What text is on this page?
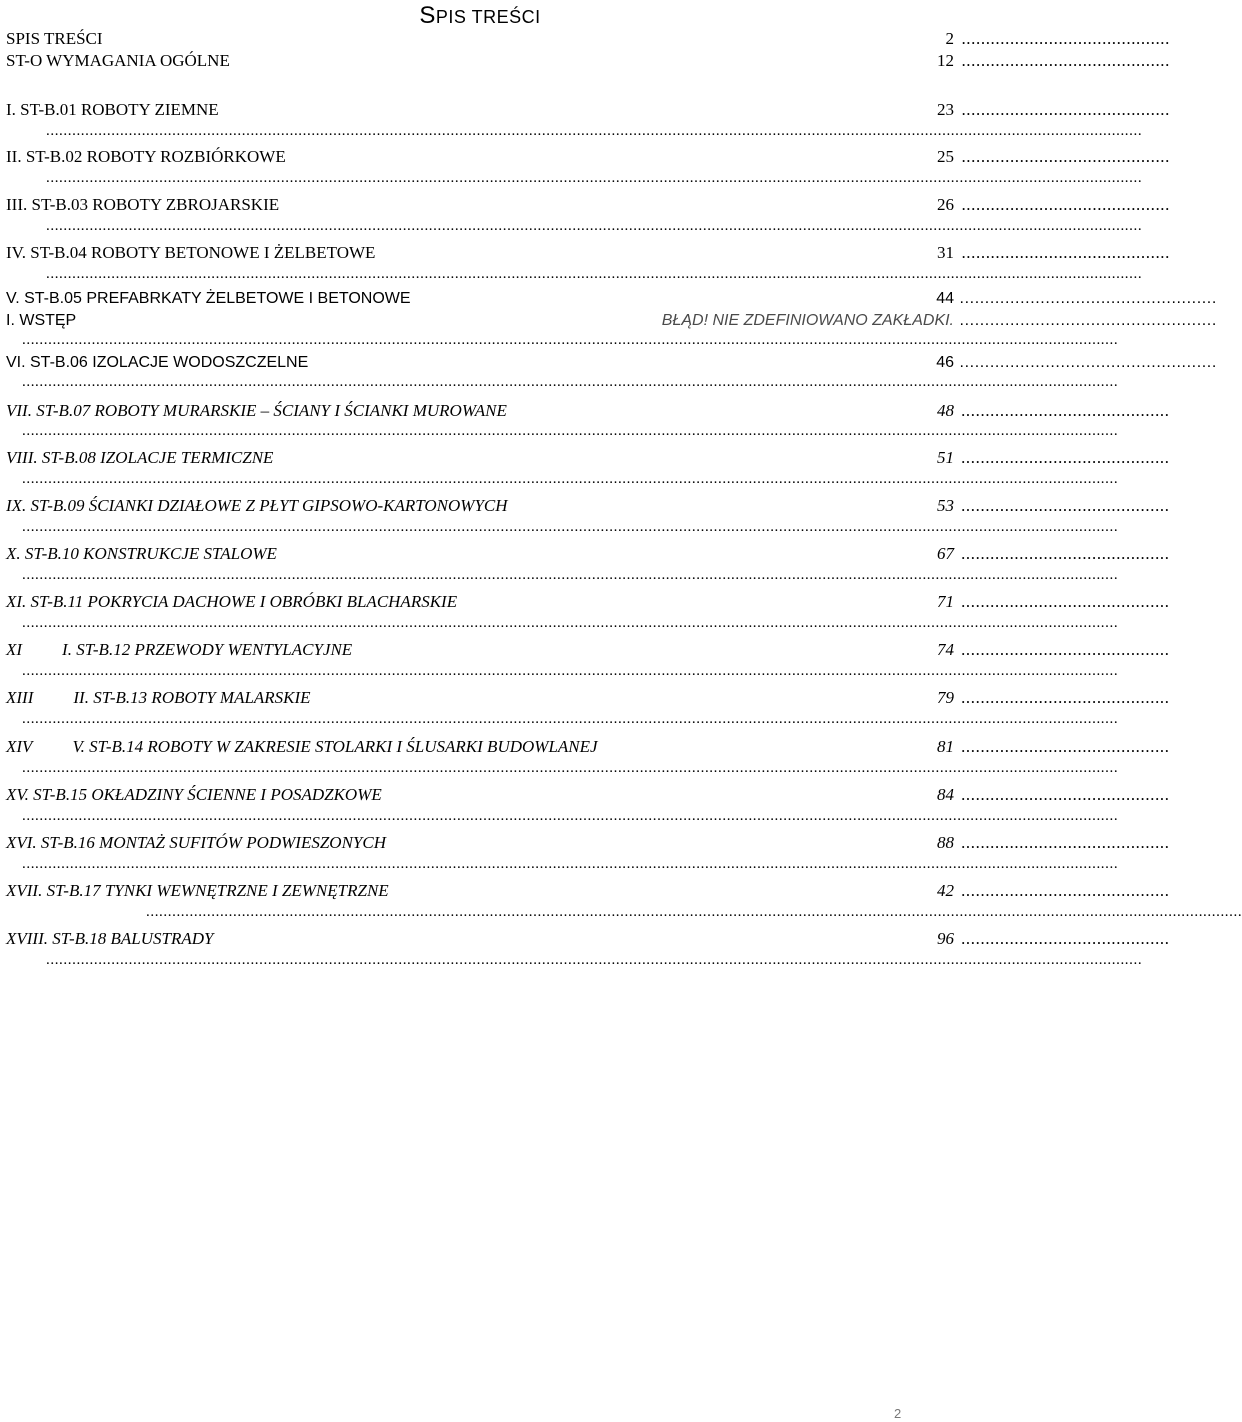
SPIS TREŚCI
SPIS TREŚCI .....	2
ST-O WYMAGANIA OGÓLNE .....	12
I. ST-B.01 ROBOTY ZIEMNE .....	23
............................................................................................................................................................................................................................................................
II. ST-B.02 ROBOTY ROZBIÓRKOWE .....	25
............................................................................................................................................................................................................................................................
III. ST-B.03 ROBOTY ZBROJARSKIE .....	26
............................................................................................................................................................................................................................................................
IV. ST-B.04 ROBOTY BETONOWE I ŻELBETOWE .....	31
............................................................................................................................................................................................................................................................
V. ST-B.05 PREFABRKATY ŻELBETOWE I BETONOWE .....	44
I. WSTĘP .....	BŁĄD! NIE ZDEFINIOWANO ZAKŁADKI.
............................................................................................................................................................................................................................................................
VI. ST-B.06 IZOLACJE WODOSZCZELNE .....	46
............................................................................................................................................................................................................................................................
VII. ST-B.07 ROBOTY MURARSKIE – ŚCIANY I ŚCIANKI MUROWANE .....	48
............................................................................................................................................................................................................................................................
VIII. ST-B.08 IZOLACJE TERMICZNE .....	51
............................................................................................................................................................................................................................................................
IX. ST-B.09 ŚCIANKI DZIAŁOWE Z PŁYT GIPSOWO-KARTONOWYCH .....	53
............................................................................................................................................................................................................................................................
X. ST-B.10 KONSTRUKCJE STALOWE .....	67
............................................................................................................................................................................................................................................................
XI. ST-B.11 POKRYCIA DACHOWE I OBRÓBKI BLACHARSKIE .....	71
............................................................................................................................................................................................................................................................
XI I. ST-B.12 PRZEWODY WENTYLACYJNE .....	74
............................................................................................................................................................................................................................................................
XIII II. ST-B.13 ROBOTY MALARSKIE .....	79
............................................................................................................................................................................................................................................................
XIV V. ST-B.14 ROBOTY W ZAKRESIE STOLARKI I ŚLUSARKI BUDOWLANEJ .....	81
............................................................................................................................................................................................................................................................
XV. ST-B.15 OKŁADZINY ŚCIENNE I POSADZKOWE .....	84
............................................................................................................................................................................................................................................................
XVI. ST-B.16 MONTAŻ SUFITÓW PODWIESZONYCH .....	88
............................................................................................................................................................................................................................................................
XVII. ST-B.17 TYNKI WEWNĘTRZNE I ZEWNĘTRZNE .....	42
............................................................................................................................................................................................................................................................
XVIII. ST-B.18 BALUSTRADY .....	96
............................................................................................................................................................................................................................................................
2
